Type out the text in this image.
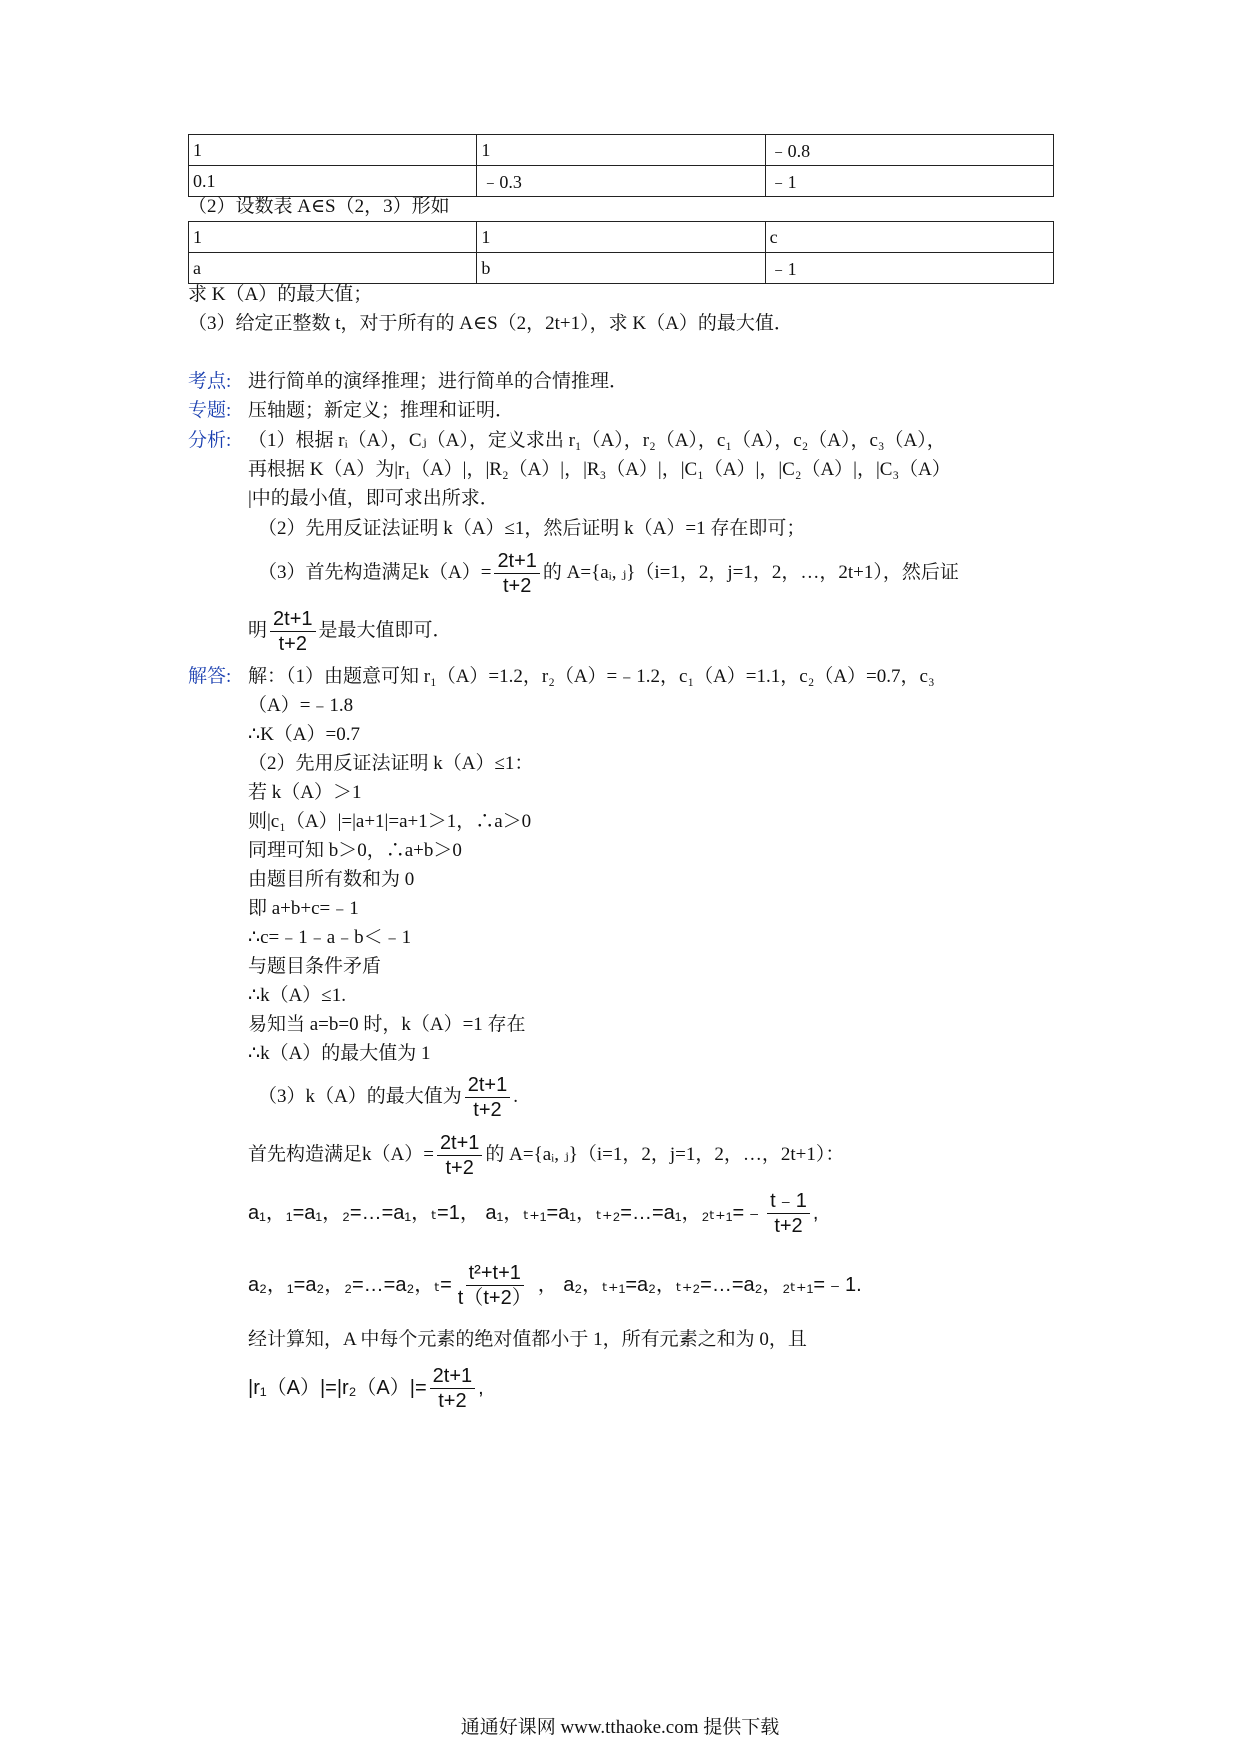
1	1	﹣0.8
0.1	﹣0.3	﹣1
（2）设数表 A∈S（2，3）形如
1	1	c
a	b	﹣1
求 K（A）的最大值；
（3）给定正整数 t，对于所有的 A∈S（2，2t+1），求 K（A）的最大值．
考点: 进行简单的演绎推理；进行简单的合情推理．
专题: 压轴题；新定义；推理和证明．
分析: （1）根据 rᵢ（A），Cⱼ（A），定义求出 r₁（A），r₂（A），c₁（A），c₂（A），c₃（A），
再根据 K（A）为|r₁（A）|，|R₂（A）|，|R₃（A）|，|C₁（A）|，|C₂（A）|，|C₃（A）
|中的最小值，即可求出所求．
（2）先用反证法证明 k（A）≤1，然后证明 k（A）=1 存在即可；
（3）首先构造满足$k(A)= \frac{2t+1}{t+2}$ 的 A={aᵢ, ⱼ}（i=1，2，j=1，2，…，2t+1），然后证
明 $\frac{2t+1}{t+2}$ 是最大值即可．
解答: 解：（1）由题意可知 r₁（A）=1.2，r₂（A）=﹣1.2，c₁（A）=1.1，c₂（A）=0.7，c₃
（A）=﹣1.8
∴K（A）=0.7
（2）先用反证法证明 k（A）≤1：
若 k（A）＞1
则|c₁（A）|=|a+1|=a+1＞1，∴a＞0
同理可知 b＞0，∴a+b＞0
由题目所有数和为 0
即 a+b+c=﹣1
∴c=﹣1﹣a﹣b＜﹣1
与题目条件矛盾
∴k（A）≤1.
易知当 a=b=0 时，k（A）=1 存在
∴k（A）的最大值为 1
（3）k（A）的最大值为 $\frac{2t+1}{t+2}$ .
首先构造满足$k(A)= \frac{2t+1}{t+2}$ 的 A={aᵢ, ⱼ}（i=1，2，j=1，2，…，2t+1）：
a₁，₁=a₁，₂=…=a₁，ₜ=1， a₁，ₜ₊₁=a₁，ₜ₊₂=…=a₁，₂ₜ₊₁=﹣ $\frac{t﹣1}{t+2}$ ,
a₂，₁=a₂，₂=…=a₂，$_t= \frac{\text{t²+t+1}}{t(t+2)}$ ， a₂，ₜ₊₁=a₂，ₜ₊₂=…=a₂，₂ₜ₊₁=﹣1.
经计算知，A 中每个元素的绝对值都小于 1，所有元素之和为 0，且
$|r_1(A)|=|r_2(A)|= \frac{2t+1}{t+2}$ ,
通通好课网 www.tthaoke.com 提供下载
